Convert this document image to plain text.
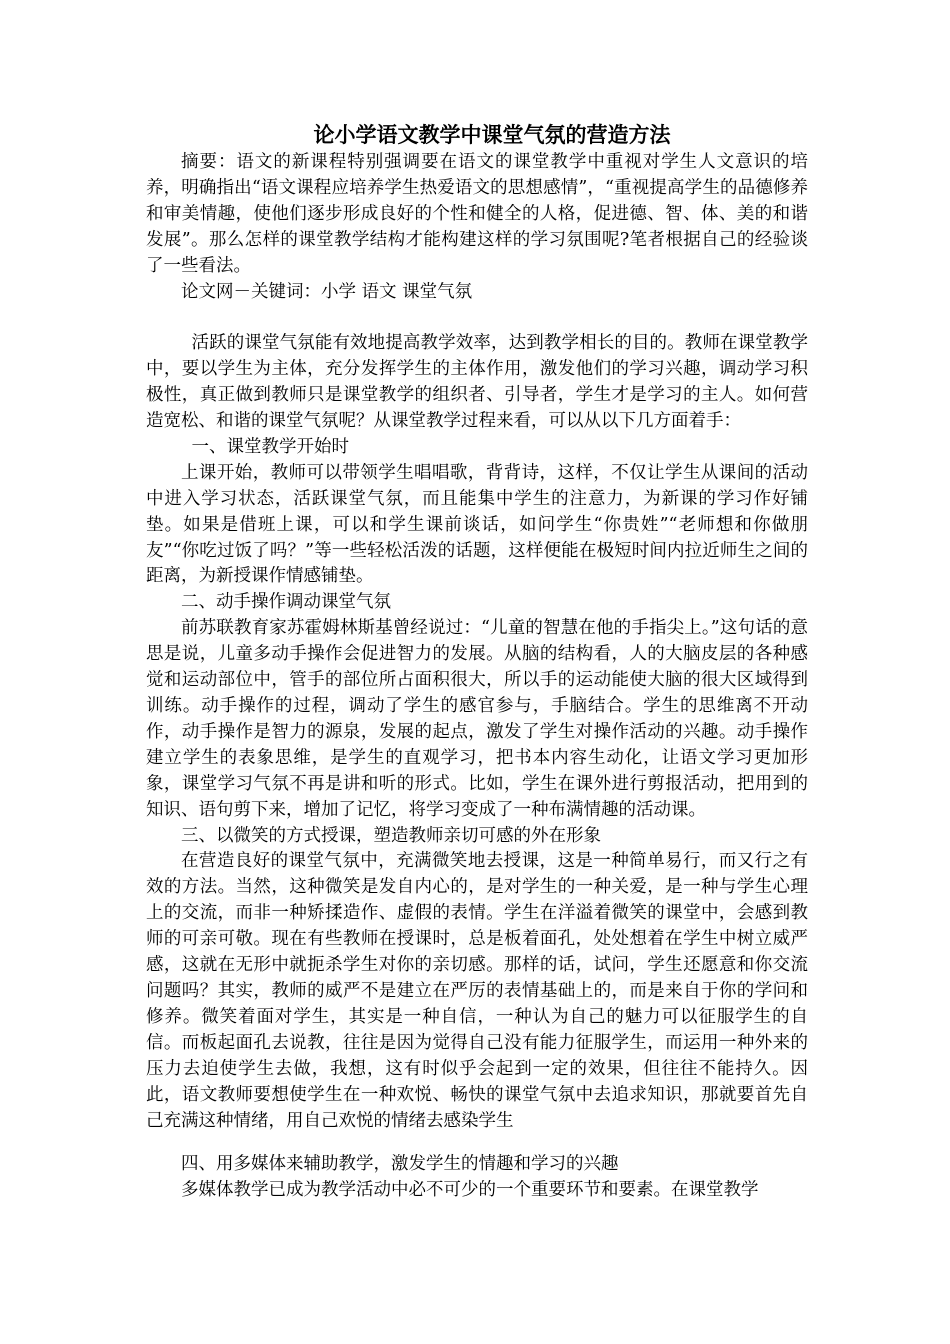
论小学语文教学中课堂气氛的营造方法

摘要：语文的新课程特别强调要在语文的课堂教学中重视对学生人文意识的培养，明确指出“语文课程应培养学生热爱语文的思想感情”，“重视提高学生的品德修养和审美情趣，使他们逐步形成良好的个性和健全的人格，促进德、智、体、美的和谐发展”。那么怎样的课堂教学结构才能构建这样的学习氛围呢?笔者根据自己的经验谈了一些看法。

论文网－关键词：小学 语文 课堂气氛

活跃的课堂气氛能有效地提高教学效率，达到教学相长的目的。教师在课堂教学中，要以学生为主体，充分发挥学生的主体作用，激发他们的学习兴趣，调动学习积极性，真正做到教师只是课堂教学的组织者、引导者，学生才是学习的主人。如何营造宽松、和谐的课堂气氛呢？从课堂教学过程来看，可以从以下几方面着手：

一、课堂教学开始时

上课开始，教师可以带领学生唱唱歌，背背诗，这样，不仅让学生从课间的活动中进入学习状态，活跃课堂气氛，而且能集中学生的注意力，为新课的学习作好铺垫。如果是借班上课，可以和学生课前谈话，如问学生“你贵姓”“老师想和你做朋友”“你吃过饭了吗？”等一些轻松活泼的话题，这样便能在极短时间内拉近师生之间的距离，为新授课作情感铺垫。

二、动手操作调动课堂气氛

前苏联教育家苏霍姆林斯基曾经说过：“儿童的智慧在他的手指尖上。”这句话的意思是说，儿童多动手操作会促进智力的发展。从脑的结构看，人的大脑皮层的各种感觉和运动部位中，管手的部位所占面积很大，所以手的运动能使大脑的很大区域得到训练。动手操作的过程，调动了学生的感官参与，手脑结合。学生的思维离不开动作，动手操作是智力的源泉，发展的起点，激发了学生对操作活动的兴趣。动手操作建立学生的表象思维，是学生的直观学习，把书本内容生动化，让语文学习更加形象，课堂学习气氛不再是讲和听的形式。比如，学生在课外进行剪报活动，把用到的知识、语句剪下来，增加了记忆，将学习变成了一种布满情趣的活动课。

三、以微笑的方式授课，塑造教师亲切可感的外在形象

在营造良好的课堂气氛中，充满微笑地去授课，这是一种简单易行，而又行之有效的方法。当然，这种微笑是发自内心的，是对学生的一种关爱，是一种与学生心理上的交流，而非一种矫揉造作、虚假的表情。学生在洋溢着微笑的课堂中，会感到教师的可亲可敬。现在有些教师在授课时，总是板着面孔，处处想着在学生中树立威严感，这就在无形中就扼杀学生对你的亲切感。那样的话，试问，学生还愿意和你交流问题吗？其实，教师的威严不是建立在严厉的表情基础上的，而是来自于你的学问和修养。微笑着面对学生，其实是一种自信，一种认为自己的魅力可以征服学生的自信。而板起面孔去说教，往往是因为觉得自己没有能力征服学生，而运用一种外来的压力去迫使学生去做，我想，这有时似乎会起到一定的效果，但往往不能持久。因此，语文教师要想使学生在一种欢悦、畅快的课堂气氛中去追求知识，那就要首先自己充满这种情绪，用自己欢悦的情绪去感染学生

四、用多媒体来辅助教学，激发学生的情趣和学习的兴趣

多媒体教学已成为教学活动中必不可少的一个重要环节和要素。在课堂教学
